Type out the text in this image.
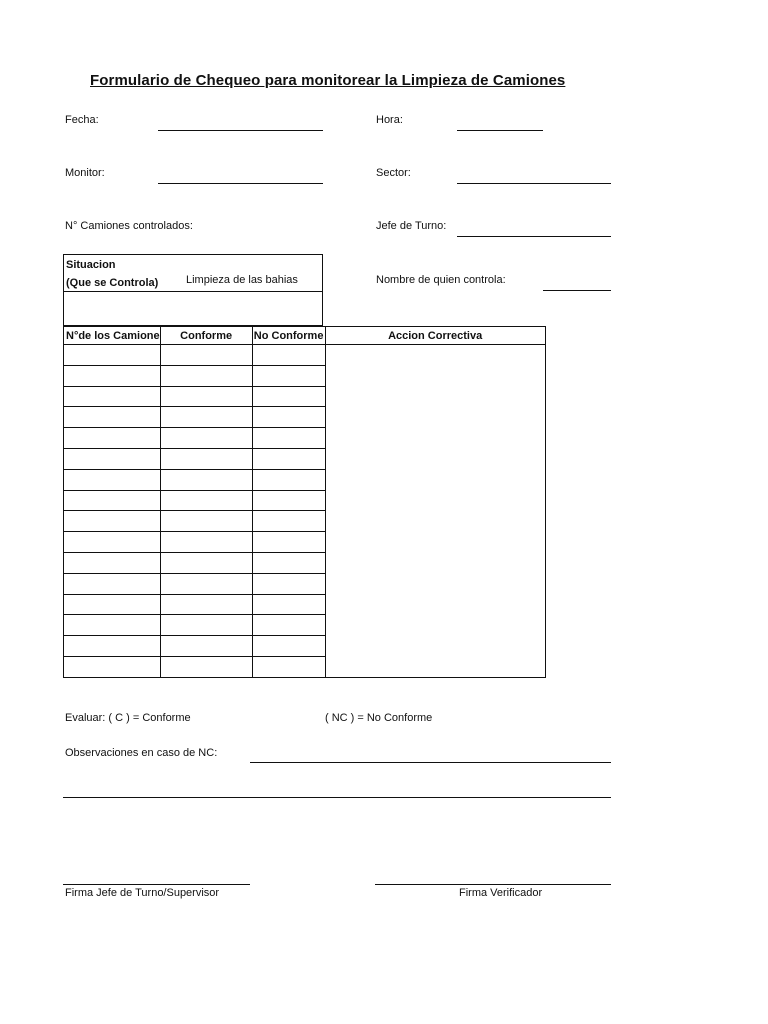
Formulario de Chequeo para monitorear la Limpieza de Camiones
Fecha:	Hora:
Monitor:	Sector:
N° Camiones controlados:	Jefe de Turno:
Situacion
(Que se Controla)	Limpieza de las bahias	Nombre de quien controla:
N°de los Camione	Conforme	No Conforme	Accion Correctiva

Evaluar: ( C ) = Conforme	( NC ) = No Conforme
Observaciones en caso de NC:
Firma Jefe de Turno/Supervisor	Firma Verificador
